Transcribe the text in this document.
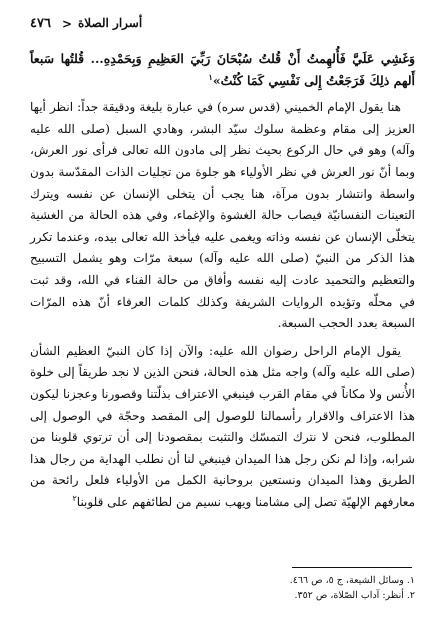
أسرار الصلاة
<
٤٧٦

وَغَشِي عَلَيَّ فَأُلهِمتُ أَنْ قُلتُ سُبْحَانَ رَبِّيَ العَظِيمِ وَبِحَمْدِهِ... قُلتُها سَبعاً أَلهم ذلِكَ فَرَجَعْتُ إِلى نَفْسِي كَمَا كُنْتُ»$^١$

هنا يقول الإمام الخميني (قدس سره) في عبارة بليغة ودقيقة جداً: انظر أيها العزيز إلى مقام وعظمة سلوك سيّد البشر، وهادي السبل (صلى الله عليه وآله) وهو في حال الركوع بحيث نظر إلى مادون الله تعالى فرأى نور العرش، وبما أنّ نور العرش في نظر الأولياء هو جلوة من تجليات الذات المقدّسة بدون واسطة وانتشار بدون مرآة، هنا يجب أن يتخلى الإنسان عن نفسه ويترك التعينات النفسانيّة فيصاب حالة الغشوة والإغماء، وفي هذه الحالة من الغشية يتخلّى الإنسان عن نفسه وذاته ويغمى عليه فيأخذ الله تعالى بيده، وعندما تكرر هذا الذكر من النبيّ (صلى الله عليه وآله) سبعة مرّات وهو يشمل التسبيح والتعظيم والتحميد عادت إليه نفسه وأفاق من حالة الفناء في الله، وقد ثبت في محلّه وتؤيده الروايات الشريفة وكذلك كلمات العرفاء أنّ هذه المرّات السبعة بعدد الحجب السبعة.

يقول الإمام الراحل رضوان الله عليه: والآن إذا كان النبيّ العظيم الشأن (صلى الله عليه وآله) واجه مثل هذه الحالة، فنحن الذين لا نجد طريقاً إلى خلوة الأُنس ولا مكاناً في مقام القرب فينبغي الاعتراف بذلّتنا وقصورنا وعجزنا ليكون هذا الاعتراف والاقرار رأسمالنا للوصول إلى المقصد وحجّة في الوصول إلى المطلوب، فنحن لا نترك التمسّك والتثبت بمقصودنا إلى أن ترتوي قلوبنا من شرابه، وإذا لم نكن رجل هذا الميدان فينبغي لنا أن نطلب الهداية من رجال هذا الطريق وهذا الميدان ونستعين بروحانية الكمل من الأولياء فلعل رائحة من معارفهم الإلهيّة تصل إلى مشامنا ويهب نسيم من لطائفهم على قلوبنا$^٢$

١. وسائل الشيعة، ج ٥، ص ٤٦٦.
٢. أنظر: آداب الصّلاة، ص ٣٥٢.
